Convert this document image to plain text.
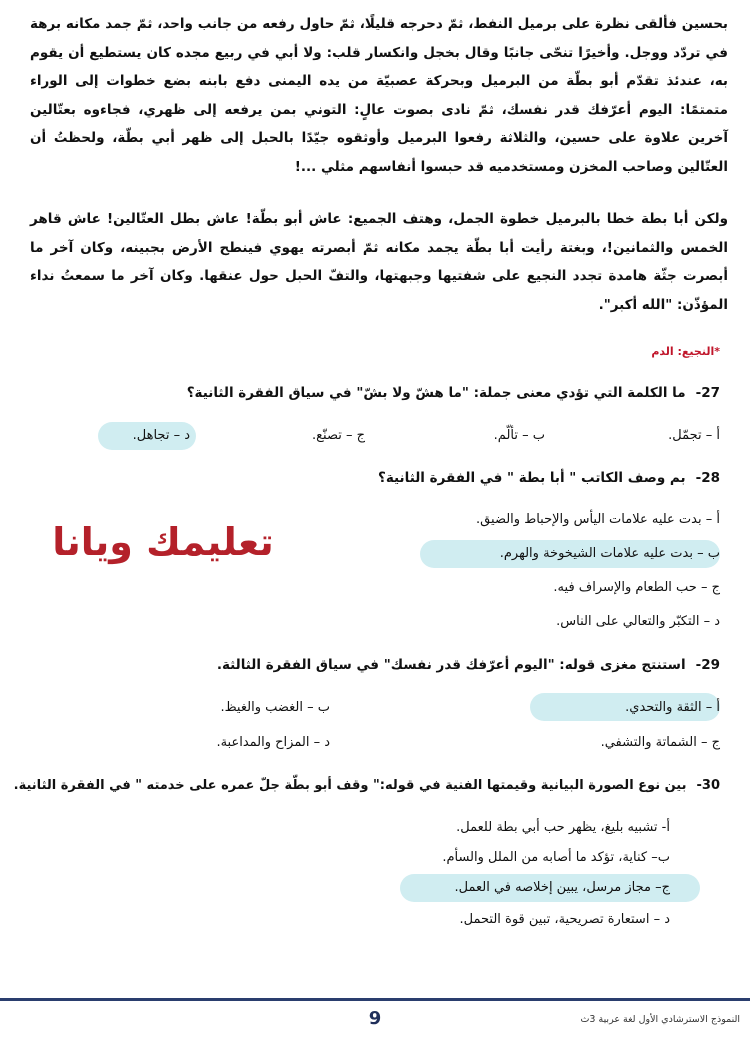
بحسين فألقى نظرة على برميل النفط، ثمّ دحرجه قليلًا، ثمّ حاول رفعه من جانب واحد، ثمّ جمد مكانه برهة في تردّد ووجل. وأخيرًا تنحّى جانبًا وقال بخجل وانكسار قلب: ولا أبي في ربيع مجده كان يستطيع أن يقوم به، عندئذ تقدّم أبو بطّة من البرميل وبحركة عصبيّة من يده اليمنى دفع بابنه بضع خطوات إلى الوراء متمتمًا: اليوم أعرّفك قدر نفسك، ثمّ نادى بصوت عالٍ: التوني بمن يرفعه إلى ظهري، فجاءوه بعتّالين آخرين علاوة على حسين، والثلاثة رفعوا البرميل وأوثقوه جيّدًا بالحبل إلى ظهر أبي بطّة، ولحظتُ أن العتّالين وصاحب المخزن ومستخدميه قد حبسوا أنفاسهم مثلي ...!

ولكن أبا بطة خطا بالبرميل خطوة الجمل، وهتف الجميع: عاش أبو بطّة! عاش بطل العتّالين! عاش قاهر الخمس والثمانين!، وبغتة رأيت أبا بطّة يجمد مكانه ثمّ أبصرته يهوي فينطح الأرض بجبينه، وكان آخر ما أبصرت جثّة هامدة تجدد النجيع على شفتيها وجبهتها، والتفّ الحبل حول عنقها. وكان آخر ما سمعتُ نداء المؤذّن: "الله أكبر".

*النجيع: الدم
27-ما الكلمة التي تؤدي معنى جملة: "ما هشّ ولا بشّ" في سياق الفقرة الثانية؟
أ – تجمّل.
ب – تألّم.
ج – تصنّع.
د – تجاهل.
28-بم وصف الكاتب " أبا بطة " في الفقرة الثانية؟
أ – بدت عليه علامات اليأس والإحباط والضيق.
ب – بدت عليه علامات الشيخوخة والهرم.
ج – حب الطعام والإسراف فيه.
د – التكبّر والتعالي على الناس.
تعليمك ويانا
29-استنتج مغزى قوله: "اليوم أعرّفك قدر نفسك" في سياق الفقرة الثالثة.
أ – الثقة والتحدي.
ب – الغضب والغيظ.
ج – الشماتة والتشفي.
د – المزاح والمداعبة.
30-بين نوع الصورة البيانية وقيمتها الفنية في قوله:" وقف أبو بطّة جلّ عمره على خدمته " في الفقرة الثانية.
أ- تشبيه بليغ، يظهر حب أبي بطة للعمل.
ب– كناية، تؤكد ما أصابه من الملل والسأم.
ج– مجاز مرسل، يبين إخلاصه في العمل.
د – استعارة تصريحية، تبين قوة التحمل.
9	النموذج الاسترشادي الأول لغة عربية 3ث
